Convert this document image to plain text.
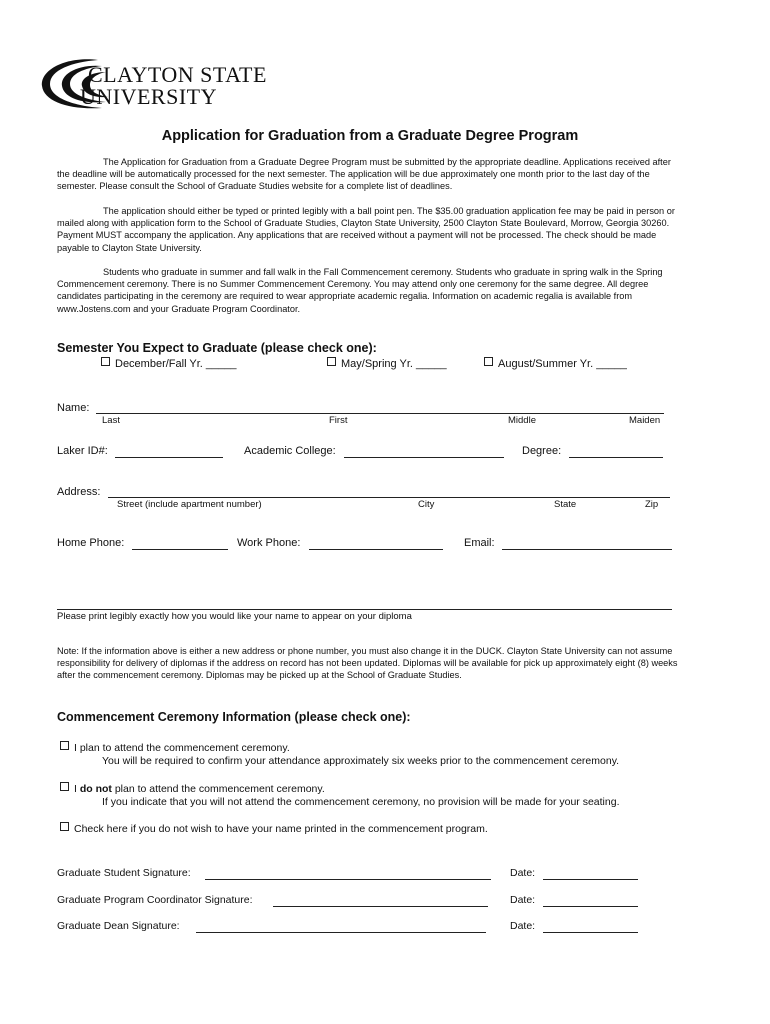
CLAYTON STATE
UNIVERSITY
Application for Graduation from a Graduate Degree Program
The Application for Graduation from a Graduate Degree Program must be submitted by the appropriate deadline. Applications received after the deadline will be automatically processed for the next semester. The application will be due approximately one month prior to the last day of the semester. Please consult the School of Graduate Studies website for a complete list of deadlines.
The application should either be typed or printed legibly with a ball point pen. The $35.00 graduation application fee may be paid in person or mailed along with application form to the School of Graduate Studies, Clayton State University, 2500 Clayton State Boulevard, Morrow, Georgia 30260. Payment MUST accompany the application. Any applications that are received without a payment will not be processed. The check should be made payable to Clayton State University.
Students who graduate in summer and fall walk in the Fall Commencement ceremony. Students who graduate in spring walk in the Spring Commencement ceremony. There is no Summer Commencement Ceremony. You may attend only one ceremony for the same degree. All degree candidates participating in the ceremony are required to wear appropriate academic regalia. Information on academic regalia is available from www.Jostens.com and your Graduate Program Coordinator.
Semester You Expect to Graduate (please check one):
December/Fall Yr. _____	May/Spring Yr. _____	August/Summer Yr. _____
Name:
Last	First	Middle	Maiden
Laker ID#:	Academic College:	Degree:
Address:
Street (include apartment number)	City	State	Zip
Home Phone:	Work Phone:	Email:
Please print legibly exactly how you would like your name to appear on your diploma
Note: If the information above is either a new address or phone number, you must also change it in the DUCK. Clayton State University can not assume responsibility for delivery of diplomas if the address on record has not been updated. Diplomas will be available for pick up approximately eight (8) weeks after the commencement ceremony. Diplomas may be picked up at the School of Graduate Studies.
Commencement Ceremony Information (please check one):
I plan to attend the commencement ceremony.
You will be required to confirm your attendance approximately six weeks prior to the commencement ceremony.
I do not plan to attend the commencement ceremony.
If you indicate that you will not attend the commencement ceremony, no provision will be made for your seating.
Check here if you do not wish to have your name printed in the commencement program.
Graduate Student Signature:	Date:
Graduate Program Coordinator Signature:	Date:
Graduate Dean Signature:	Date:
